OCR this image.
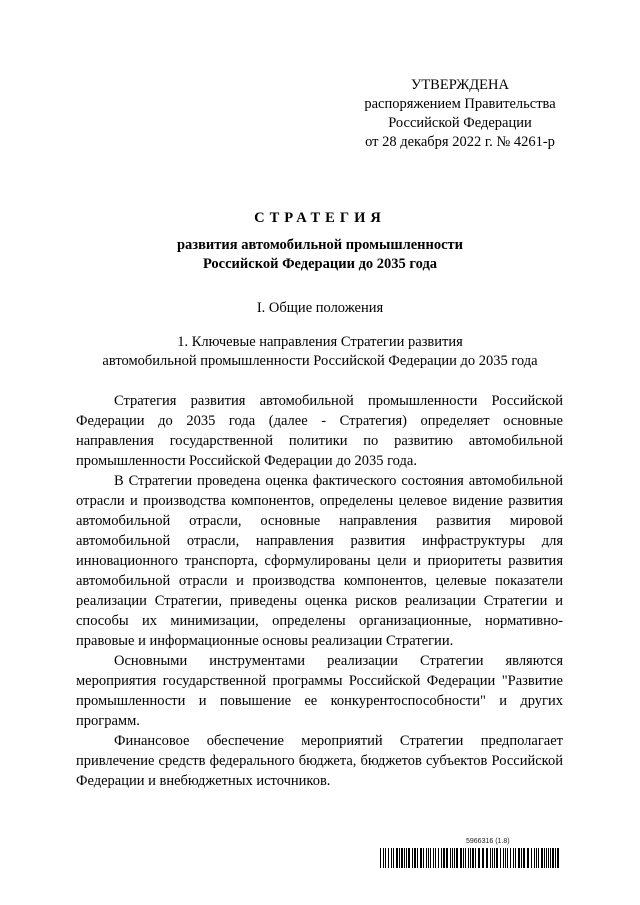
УТВЕРЖДЕНА
распоряжением Правительства
Российской Федерации
от 28 декабря 2022 г. № 4261-р
СТРАТЕГИЯ
развития автомобильной промышленности
Российской Федерации до 2035 года
I. Общие положения
1. Ключевые направления Стратегии развития
автомобильной промышленности Российской Федерации до 2035 года

Стратегия развития автомобильной промышленности Российской Федерации до 2035 года (далее - Стратегия) определяет основные направления государственной политики по развитию автомобильной промышленности Российской Федерации до 2035 года.

В Стратегии проведена оценка фактического состояния автомобильной отрасли и производства компонентов, определены целевое видение развития автомобильной отрасли, основные направления развития мировой автомобильной отрасли, направления развития инфраструктуры для инновационного транспорта, сформулированы цели и приоритеты развития автомобильной отрасли и производства компонентов, целевые показатели реализации Стратегии, приведены оценка рисков реализации Стратегии и способы их минимизации, определены организационные, нормативно-правовые и информационные основы реализации Стратегии.

Основными инструментами реализации Стратегии являются мероприятия государственной программы Российской Федерации "Развитие промышленности и повышение ее конкурентоспособности" и других программ.

Финансовое обеспечение мероприятий Стратегии предполагает привлечение средств федерального бюджета, бюджетов субъектов Российской Федерации и внебюджетных источников.

5966316 (1.8)
